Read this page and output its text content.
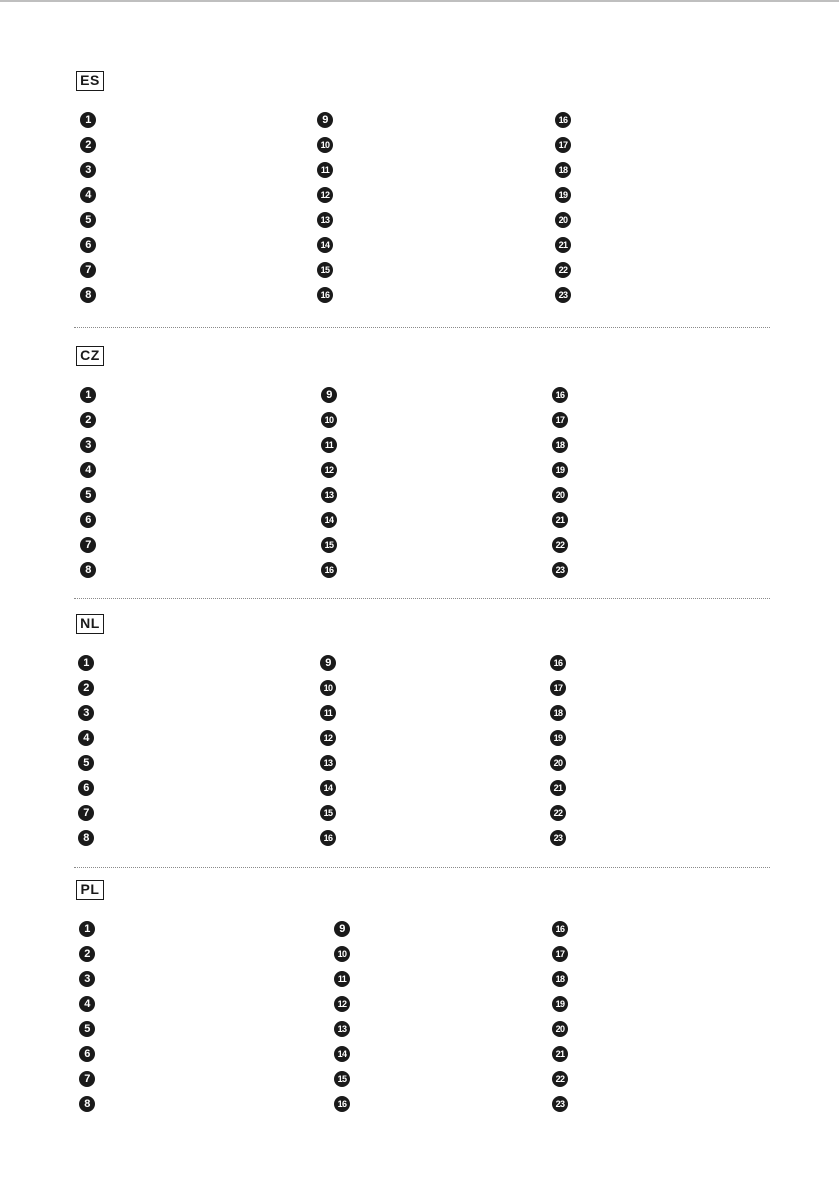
ES
1
2
3
4
5
6
7
8
9
10
11
12
13
14
15
16
16
17
18
19
20
21
22
23
CZ
1
2
3
4
5
6
7
8
9
10
11
12
13
14
15
16
16
17
18
19
20
21
22
23
NL
1
2
3
4
5
6
7
8
9
10
11
12
13
14
15
16
16
17
18
19
20
21
22
23
PL
1
2
3
4
5
6
7
8
9
10
11
12
13
14
15
16
16
17
18
19
20
21
22
23
